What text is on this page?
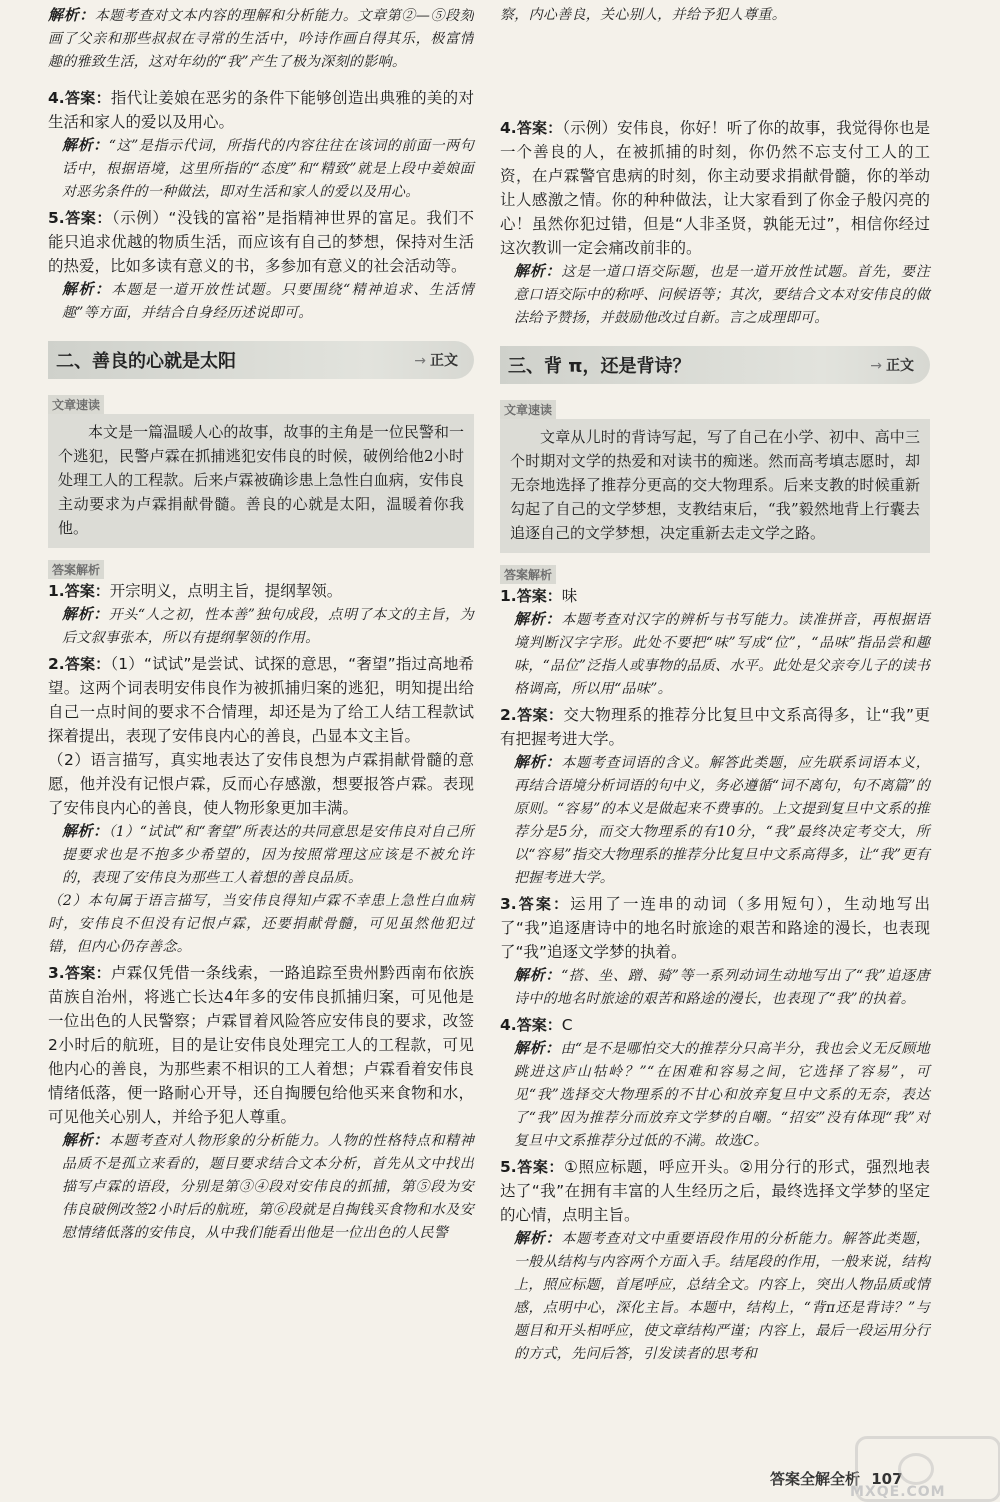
解析：本题考查对文本内容的理解和分析能力。文章第②—⑤段刻画了父亲和那些叔叔在寻常的生活中，吟诗作画自得其乐，极富情趣的雅致生活，这对年幼的“我”产生了极为深刻的影响。

4.答案：指代让姜娘在恶劣的条件下能够创造出典雅的美的对生活和家人的爱以及用心。

解析：“这”是指示代词，所指代的内容往往在该词的前面一两句话中，根据语境，这里所指的“态度”和“精致”就是上段中姜娘面对恶劣条件的一种做法，即对生活和家人的爱以及用心。

5.答案：（示例）“没钱的富裕”是指精神世界的富足。我们不能只追求优越的物质生活，而应该有自己的梦想，保持对生活的热爱，比如多读有意义的书，多参加有意义的社会活动等。

解析：本题是一道开放性试题。只要围绕“精神追求、生活情趣”等方面，并结合自身经历述说即可。

二、善良的心就是太阳	→ 正文
文章速读

本文是一篇温暖人心的故事，故事的主角是一位民警和一个逃犯，民警卢霖在抓捕逃犯安伟良的时候，破例给他2小时处理工人的工程款。后来卢霖被确诊患上急性白血病，安伟良主动要求为卢霖捐献骨髓。善良的心就是太阳，温暖着你我他。

答案解析

1.答案：开宗明义，点明主旨，提纲挈领。

解析：开头“人之初，性本善”独句成段，点明了本文的主旨，为后文叙事张本，所以有提纲挈领的作用。

2.答案：（1）“试试”是尝试、试探的意思，“奢望”指过高地希望。这两个词表明安伟良作为被抓捕归案的逃犯，明知提出给自己一点时间的要求不合情理，却还是为了给工人结工程款试探着提出，表现了安伟良内心的善良，凸显本文主旨。

（2）语言描写，真实地表达了安伟良想为卢霖捐献骨髓的意愿，他并没有记恨卢霖，反而心存感激，想要报答卢霖。表现了安伟良内心的善良，使人物形象更加丰满。

解析：（1）“试试”和“奢望”所表达的共同意思是安伟良对自己所提要求也是不抱多少希望的，因为按照常理这应该是不被允许的，表现了安伟良为那些工人着想的善良品质。

（2）本句属于语言描写，当安伟良得知卢霖不幸患上急性白血病时，安伟良不但没有记恨卢霖，还要捐献骨髓，可见虽然他犯过错，但内心仍存善念。

3.答案：卢霖仅凭借一条线索，一路追踪至贵州黔西南布依族苗族自治州，将逃亡长达4年多的安伟良抓捕归案，可见他是一位出色的人民警察；卢霖冒着风险答应安伟良的要求，改签2小时后的航班，目的是让安伟良处理完工人的工程款，可见他内心的善良，为那些素不相识的工人着想；卢霖看着安伟良情绪低落，便一路耐心开导，还自掏腰包给他买来食物和水，可见他关心别人，并给予犯人尊重。

解析：本题考查对人物形象的分析能力。人物的性格特点和精神品质不是孤立来看的，题目要求结合文本分析，首先从文中找出描写卢霖的语段，分别是第③④段对安伟良的抓捕，第⑤段为安伟良破例改签2小时后的航班，第⑥段就是自掏钱买食物和水及安慰情绪低落的安伟良，从中我们能看出他是一位出色的人民警

察，内心善良，关心别人，并给予犯人尊重。

4.答案：（示例）安伟良，你好！听了你的故事，我觉得你也是一个善良的人，在被抓捕的时刻，你仍然不忘支付工人的工资，在卢霖警官患病的时刻，你主动要求捐献骨髓，你的举动让人感激之情。你的种种做法，让大家看到了你金子般闪亮的心！虽然你犯过错，但是“人非圣贤，孰能无过”，相信你经过这次教训一定会痛改前非的。

解析：这是一道口语交际题，也是一道开放性试题。首先，要注意口语交际中的称呼、问候语等；其次，要结合文本对安伟良的做法给予赞扬，并鼓励他改过自新。言之成理即可。

三、背 π，还是背诗？	→ 正文
文章速读

文章从儿时的背诗写起，写了自己在小学、初中、高中三个时期对文学的热爱和对读书的痴迷。然而高考填志愿时，却无奈地选择了推荐分更高的交大物理系。后来支教的时候重新勾起了自己的文学梦想，支教结束后，“我”毅然地背上行囊去追逐自己的文学梦想，决定重新去走文学之路。

答案解析

1.答案：味

解析：本题考查对汉字的辨析与书写能力。读准拼音，再根据语境判断汉字字形。此处不要把“味”写成“位”，“品味”指品尝和趣味，“品位”泛指人或事物的品质、水平。此处是父亲夸儿子的读书格调高，所以用“品味”。

2.答案：交大物理系的推荐分比复旦中文系高得多，让“我”更有把握考进大学。

解析：本题考查词语的含义。解答此类题，应先联系词语本义，再结合语境分析词语的句中义，务必遵循“词不离句，句不离篇”的原则。“容易”的本义是做起来不费事的。上文提到复旦中文系的推荐分是5分，而交大物理系的有10分，“我”最终决定考交大，所以“容易”指交大物理系的推荐分比复旦中文系高得多，让“我”更有把握考进大学。

3.答案：运用了一连串的动词（多用短句），生动地写出了“我”追逐唐诗中的地名时旅途的艰苦和路途的漫长，也表现了“我”追逐文学梦的执着。

解析：“搭、坐、蹭、骑”等一系列动词生动地写出了“我”追逐唐诗中的地名时旅途的艰苦和路途的漫长，也表现了“我”的执着。

4.答案：C

解析：由“是不是哪怕交大的推荐分只高半分，我也会义无反顾地跳进这庐山牯岭？”“在困难和容易之间，它选择了容易”，可见“我”选择交大物理系的不甘心和放弃复旦中文系的无奈，表达了“我”因为推荐分而放弃文学梦的自嘲。“招安”没有体现“我”对复旦中文系推荐分过低的不满。故选C。

5.答案：①照应标题，呼应开头。②用分行的形式，强烈地表达了“我”在拥有丰富的人生经历之后，最终选择文学梦的坚定的心情，点明主旨。

解析：本题考查对文中重要语段作用的分析能力。解答此类题，一般从结构与内容两个方面入手。结尾段的作用，一般来说，结构上，照应标题，首尾呼应，总结全文。内容上，突出人物品质或情感，点明中心，深化主旨。本题中，结构上，“背π还是背诗？”与题目和开头相呼应，使文章结构严谨；内容上，最后一段运用分行的方式，先问后答，引发读者的思考和

答案全解全析 107
MXQE.COM
